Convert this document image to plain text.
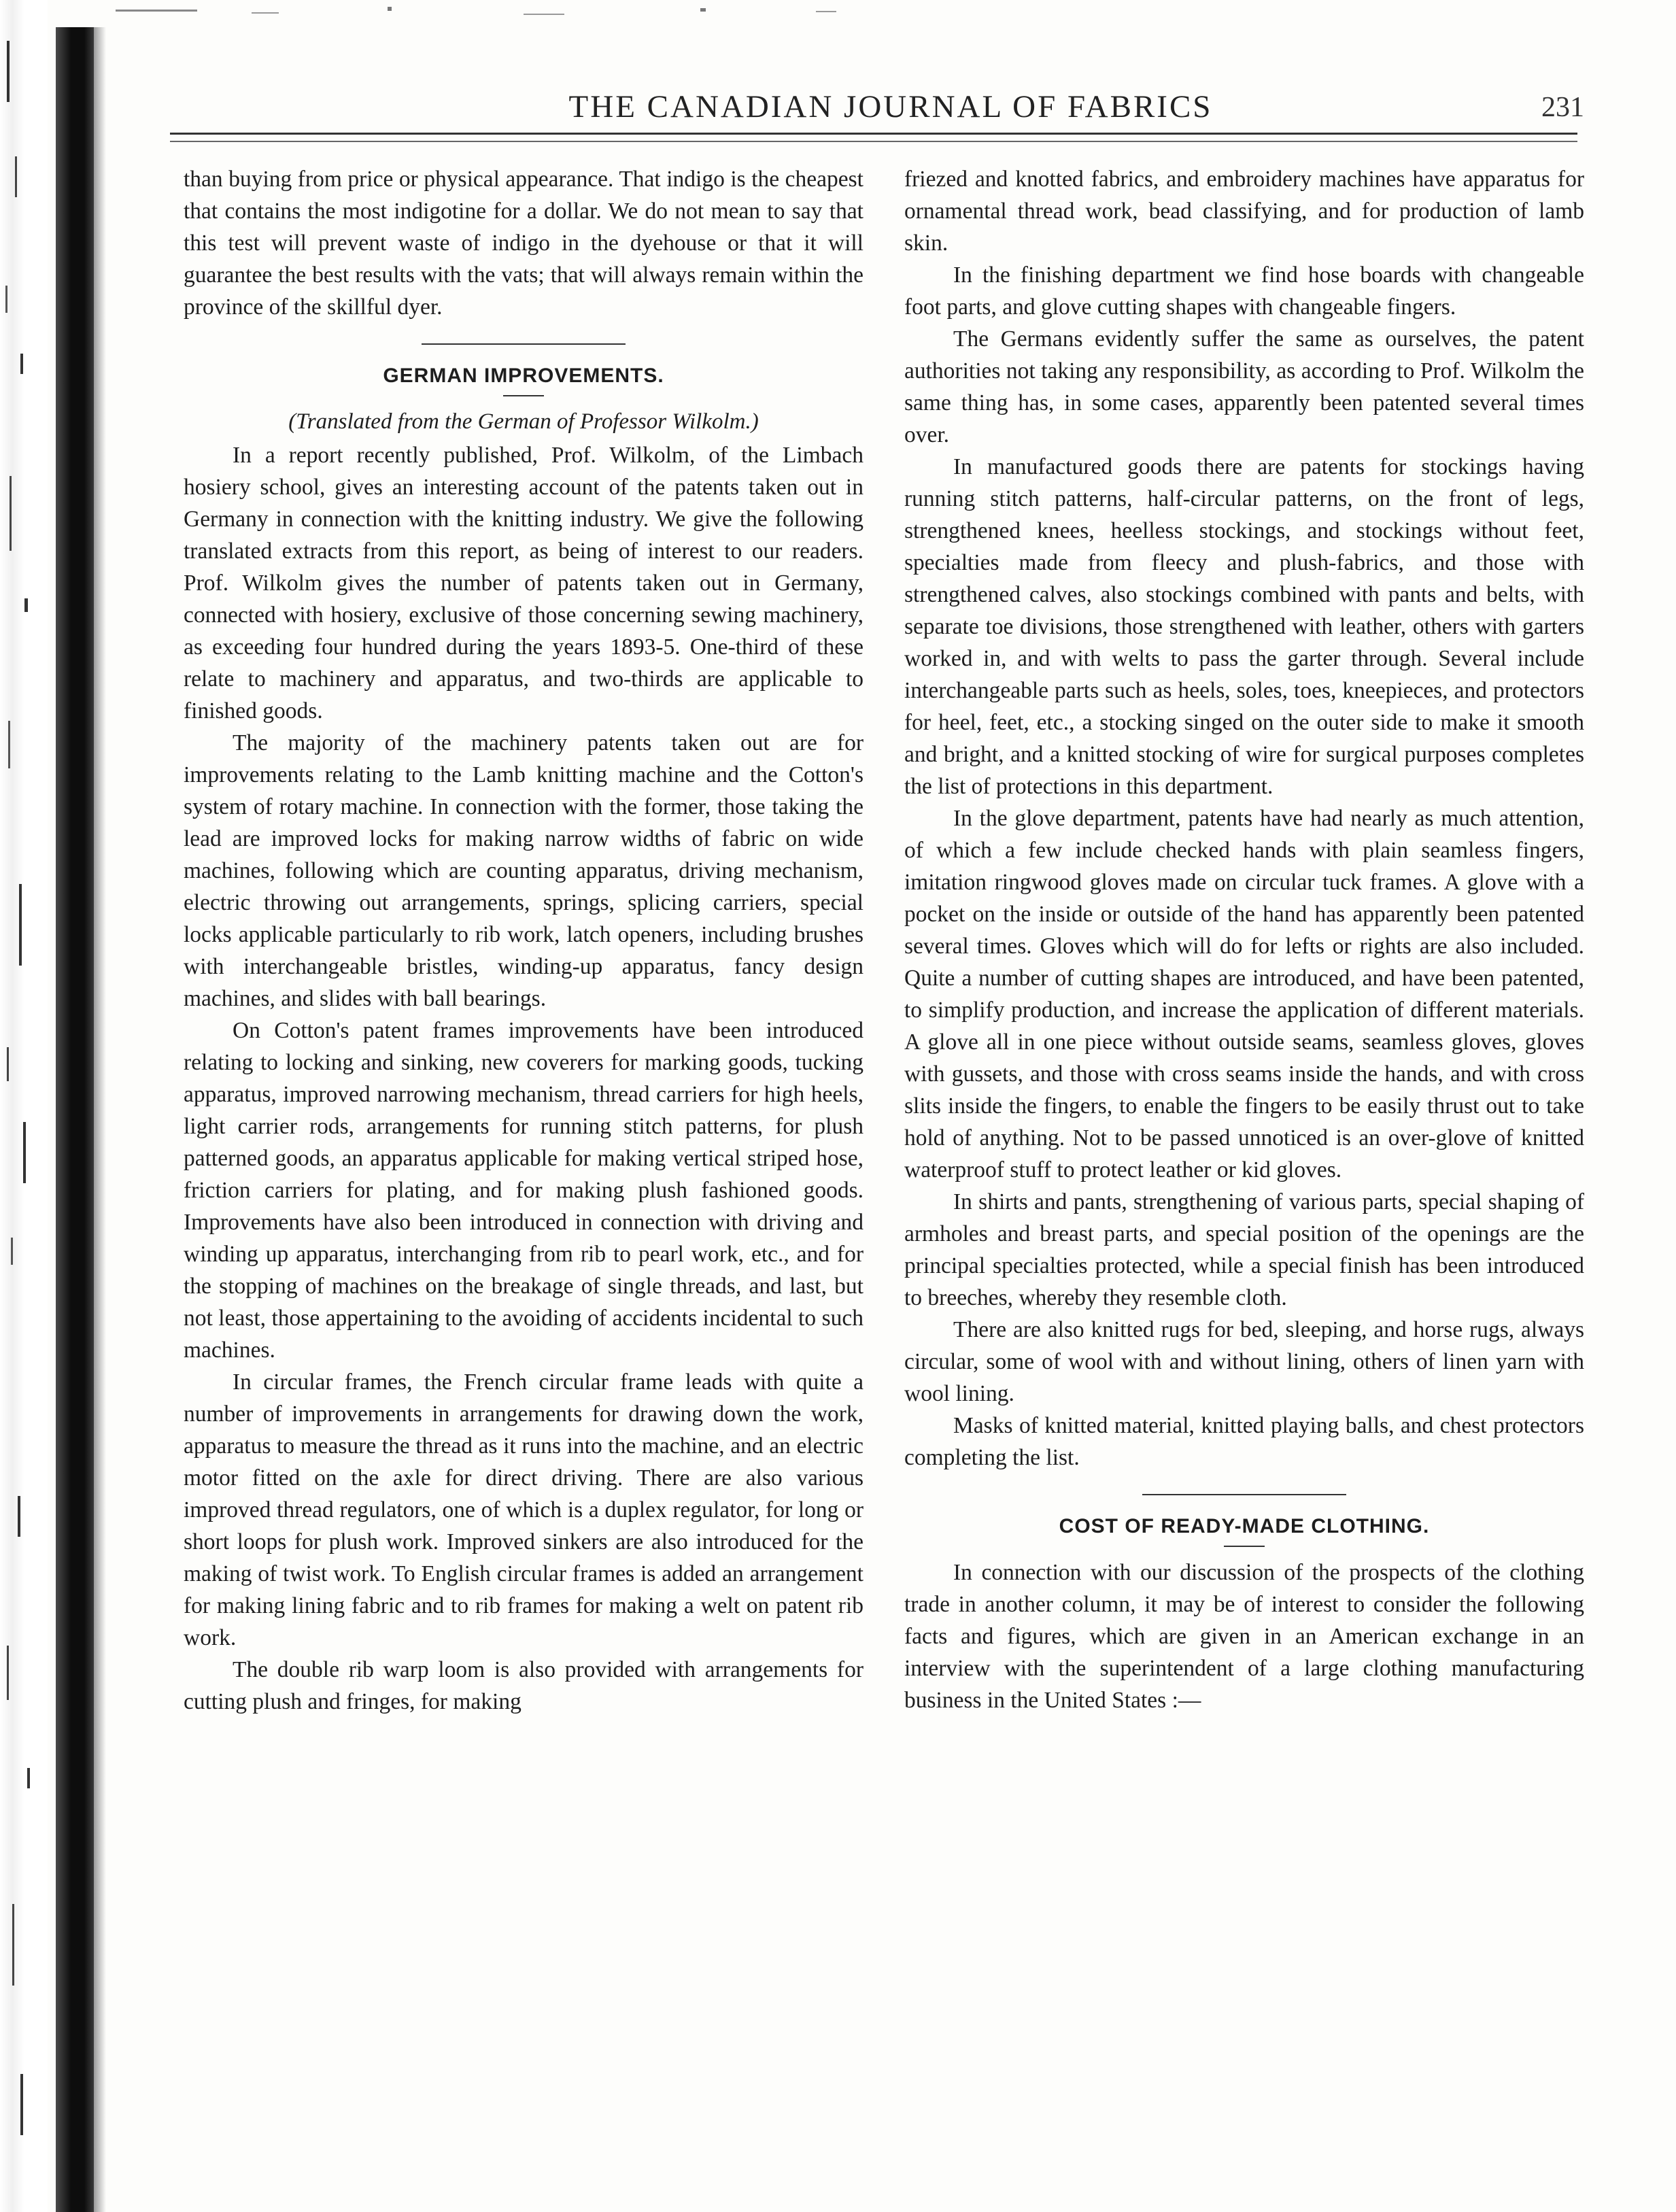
THE CANADIAN JOURNAL OF FABRICS	231

than buying from price or physical appearance. That indigo is the cheapest that contains the most indigotine for a dollar. We do not mean to say that this test will prevent waste of indigo in the dyehouse or that it will guarantee the best results with the vats; that will always remain within the province of the skillful dyer.

GERMAN IMPROVEMENTS.
(Translated from the German of Professor Wilkolm.)

In a report recently published, Prof. Wilkolm, of the Limbach hosiery school, gives an interesting account of the patents taken out in Germany in connection with the knitting industry. We give the following translated extracts from this report, as being of interest to our readers. Prof. Wilkolm gives the number of patents taken out in Germany, connected with hosiery, exclusive of those concerning sewing machinery, as exceeding four hundred during the years 1893-5. One-third of these relate to machinery and apparatus, and two-thirds are applicable to finished goods.

The majority of the machinery patents taken out are for improvements relating to the Lamb knitting machine and the Cotton's system of rotary machine. In connection with the former, those taking the lead are improved locks for making narrow widths of fabric on wide machines, following which are counting apparatus, driving mechanism, electric throwing out arrangements, springs, splicing carriers, special locks applicable particularly to rib work, latch openers, including brushes with interchangeable bristles, winding-up apparatus, fancy design machines, and slides with ball bearings.

On Cotton's patent frames improvements have been introduced relating to locking and sinking, new coverers for marking goods, tucking apparatus, improved narrowing mechanism, thread carriers for high heels, light carrier rods, arrangements for running stitch patterns, for plush patterned goods, an apparatus applicable for making vertical striped hose, friction carriers for plating, and for making plush fashioned goods. Improvements have also been introduced in connection with driving and winding up apparatus, interchanging from rib to pearl work, etc., and for the stopping of machines on the breakage of single threads, and last, but not least, those appertaining to the avoiding of accidents incidental to such machines.

In circular frames, the French circular frame leads with quite a number of improvements in arrangements for drawing down the work, apparatus to measure the thread as it runs into the machine, and an electric motor fitted on the axle for direct driving. There are also various improved thread regulators, one of which is a duplex regulator, for long or short loops for plush work. Improved sinkers are also introduced for the making of twist work. To English circular frames is added an arrangement for making lining fabric and to rib frames for making a welt on patent rib work.

The double rib warp loom is also provided with arrangements for cutting plush and fringes, for making

friezed and knotted fabrics, and embroidery machines have apparatus for ornamental thread work, bead classifying, and for production of lamb skin.

In the finishing department we find hose boards with changeable foot parts, and glove cutting shapes with changeable fingers.

The Germans evidently suffer the same as ourselves, the patent authorities not taking any responsibility, as according to Prof. Wilkolm the same thing has, in some cases, apparently been patented several times over.

In manufactured goods there are patents for stockings having running stitch patterns, half-circular patterns, on the front of legs, strengthened knees, heelless stockings, and stockings without feet, specialties made from fleecy and plush-fabrics, and those with strengthened calves, also stockings combined with pants and belts, with separate toe divisions, those strengthened with leather, others with garters worked in, and with welts to pass the garter through. Several include interchangeable parts such as heels, soles, toes, kneepieces, and protectors for heel, feet, etc., a stocking singed on the outer side to make it smooth and bright, and a knitted stocking of wire for surgical purposes completes the list of protections in this department.

In the glove department, patents have had nearly as much attention, of which a few include checked hands with plain seamless fingers, imitation ringwood gloves made on circular tuck frames. A glove with a pocket on the inside or outside of the hand has apparently been patented several times. Gloves which will do for lefts or rights are also included. Quite a number of cutting shapes are introduced, and have been patented, to simplify production, and increase the application of different materials. A glove all in one piece without outside seams, seamless gloves, gloves with gussets, and those with cross seams inside the hands, and with cross slits inside the fingers, to enable the fingers to be easily thrust out to take hold of anything. Not to be passed unnoticed is an over-glove of knitted waterproof stuff to protect leather or kid gloves.

In shirts and pants, strengthening of various parts, special shaping of armholes and breast parts, and special position of the openings are the principal specialties protected, while a special finish has been introduced to breeches, whereby they resemble cloth.

There are also knitted rugs for bed, sleeping, and horse rugs, always circular, some of wool with and without lining, others of linen yarn with wool lining.

Masks of knitted material, knitted playing balls, and chest protectors completing the list.

COST OF READY-MADE CLOTHING.

In connection with our discussion of the prospects of the clothing trade in another column, it may be of interest to consider the following facts and figures, which are given in an American exchange in an interview with the superintendent of a large clothing manufacturing business in the United States :—
